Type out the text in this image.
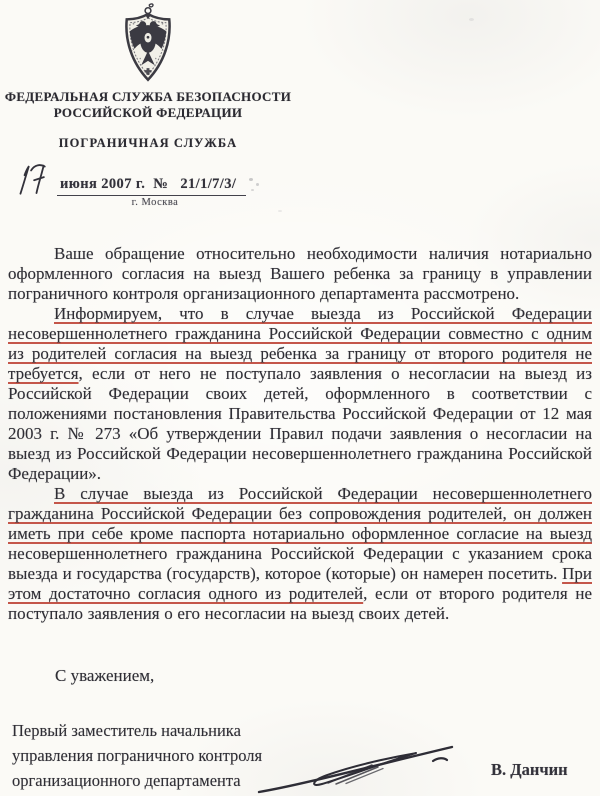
ФЕДЕРАЛЬНАЯ СЛУЖБА БЕЗОПАСНОСТИ
РОССИЙСКОЙ ФЕДЕРАЦИИ
ПОГРАНИЧНАЯ СЛУЖБА
июня 2007 г.  №   21/1/7/3/
г. Москва

Ваше обращение относительно необходимости наличия нотариально оформленного согласия на выезд Вашего ребенка за границу в управлении пограничного контроля организационного департамента рассмотрено.

Информируем, что в случае выезда из Российской Федерации несовершеннолетнего гражданина Российской Федерации совместно с одним из родителей согласия на выезд ребенка за границу от второго родителя не требуется, если от него не поступало заявления о несогласии на выезд из Российской Федерации своих детей, оформленного в соответствии с положениями постановления Правительства Российской Федерации от 12 мая 2003 г. № 273 «Об утверждении Правил подачи заявления о несогласии на выезд из Российской Федерации несовершеннолетнего гражданина Российской Федерации».

В случае выезда из Российской Федерации несовершеннолетнего гражданина Российской Федерации без сопровождения родителей, он должен иметь при себе кроме паспорта нотариально оформленное согласие на выезд несовершеннолетнего гражданина Российской Федерации с указанием срока выезда и государства (государств), которое (которые) он намерен посетить. При этом достаточно согласия одного из родителей, если от второго родителя не поступало заявления о его несогласии на выезд своих детей.

С уважением,
Первый заместитель начальника
управления пограничного контроля
организационного департамента
В. Данчин
